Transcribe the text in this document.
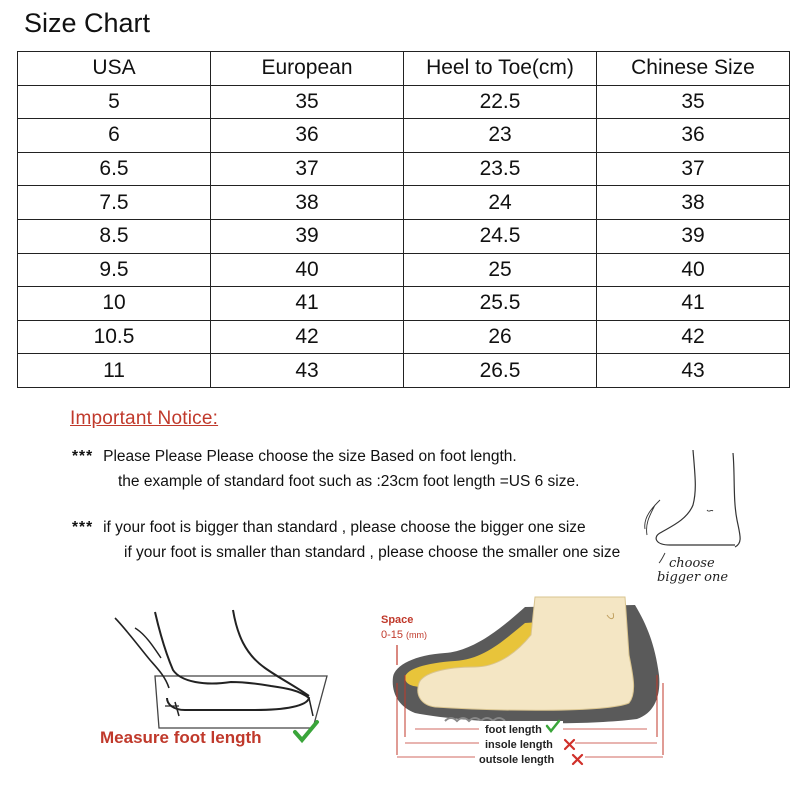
Size Chart
USA	European	Heel to Toe(cm)	Chinese Size
5	35	22.5	35
6	36	23	36
6.5	37	23.5	37
7.5	38	24	38
8.5	39	24.5	39
9.5	40	25	40
10	41	25.5	41
10.5	42	26	42
11	43	26.5	43
Important Notice:
*** Please Please Please choose the size Based on foot length.
the example of standard foot such as :23cm foot length =US 6 size.
*** if your foot is bigger than standard , please choose the bigger one size
if your foot is smaller than standard , please choose the smaller one size
choose
bigger one
Measure foot length
Space
0-15 (mm)
foot length
insole length
outsole length
